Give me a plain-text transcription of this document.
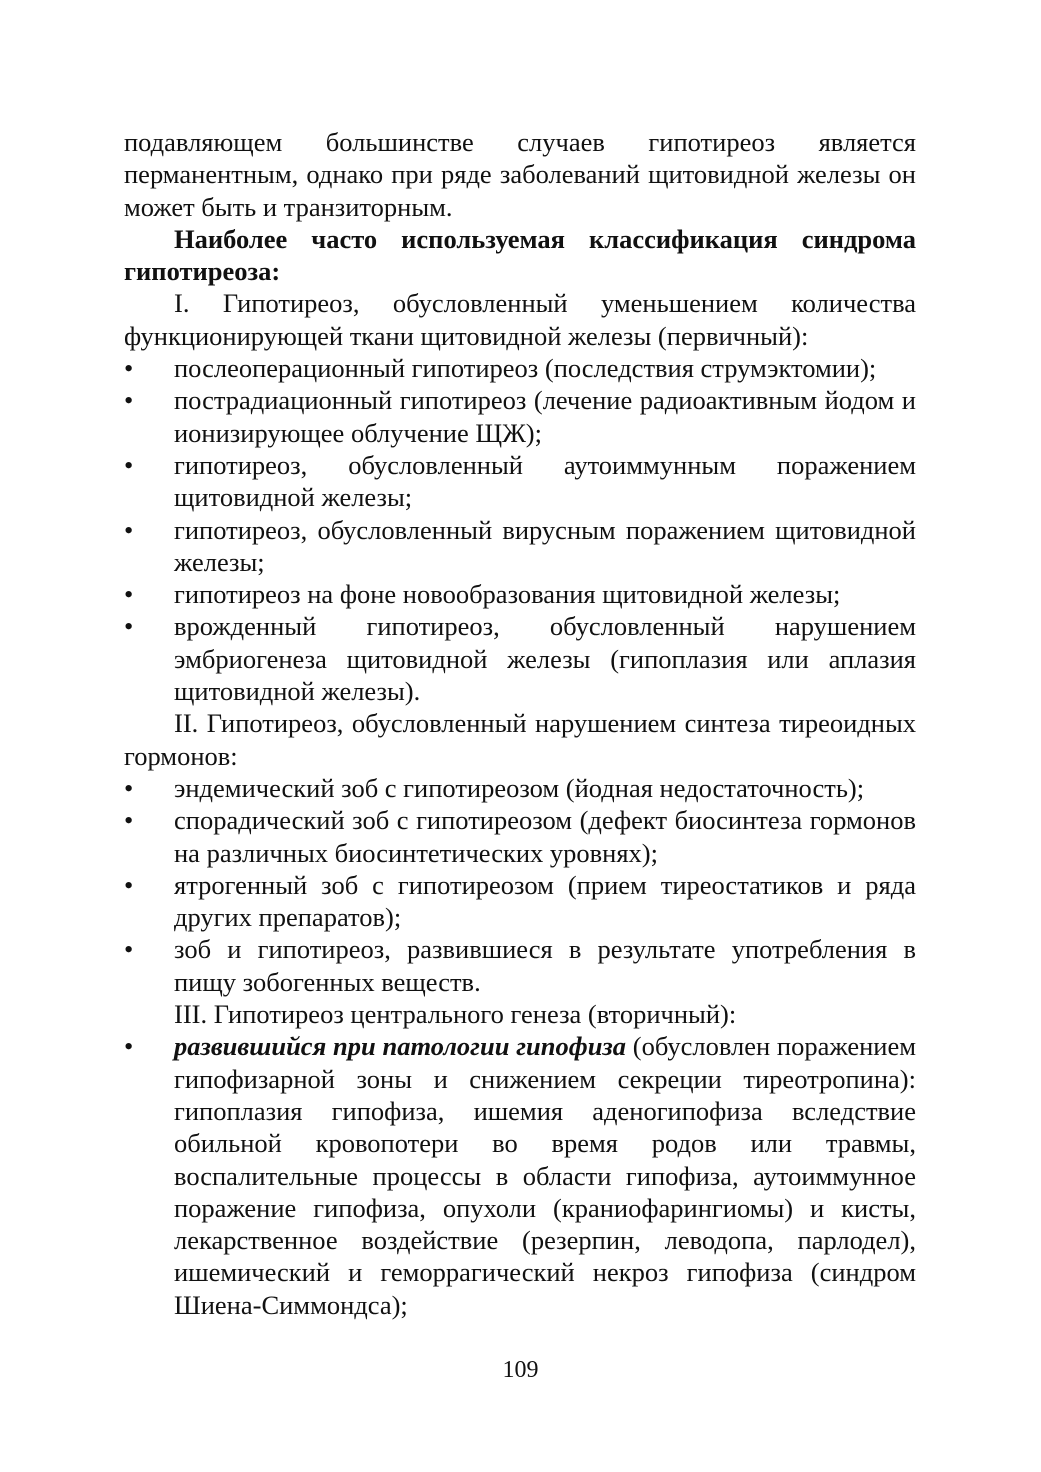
подавляющем большинстве случаев гипотиреоз является перманентным, однако при ряде заболеваний щитовидной железы он может быть и транзиторным.

Наиболее часто используемая классификация синдрома гипотиреоза:

I. Гипотиреоз, обусловленный уменьшением количества функционирующей ткани щитовидной железы (первичный):

•	послеоперационный гипотиреоз (последствия струмэктомии);
•	пострадиационный гипотиреоз (лечение радиоактивным йодом и ионизирующее облучение ЩЖ);
•	гипотиреоз, обусловленный аутоиммунным поражением щитовидной железы;
•	гипотиреоз, обусловленный вирусным поражением щитовидной железы;
•	гипотиреоз на фоне новообразования щитовидной железы;
•	врожденный гипотиреоз, обусловленный нарушением эмбриогенеза щитовидной железы (гипоплазия или аплазия щитовидной железы).

II. Гипотиреоз, обусловленный нарушением синтеза тиреоидных гормонов:

•	эндемический зоб с гипотиреозом (йодная недостаточность);
•	спорадический зоб с гипотиреозом (дефект биосинтеза гормонов на различных биосинтетических уровнях);
•	ятрогенный зоб с гипотиреозом (прием тиреостатиков и ряда других препаратов);
•	зоб и гипотиреоз, развившиеся в результате употребления в пищу зобогенных веществ.

III. Гипотиреоз центрального генеза (вторичный):

•	развившийся при патологии гипофиза (обусловлен поражением гипофизарной зоны и снижением секреции тиреотропина): гипоплазия гипофиза, ишемия аденогипофиза вследствие обильной кровопотери во время родов или травмы, воспалительные процессы в области гипофиза, аутоиммунное поражение гипофиза, опухоли (краниофарингиомы) и кисты, лекарственное воздействие (резерпин, леводопа, парлодел), ишемический и геморрагический некроз гипофиза (синдром Шиена-Симмондса);
109
